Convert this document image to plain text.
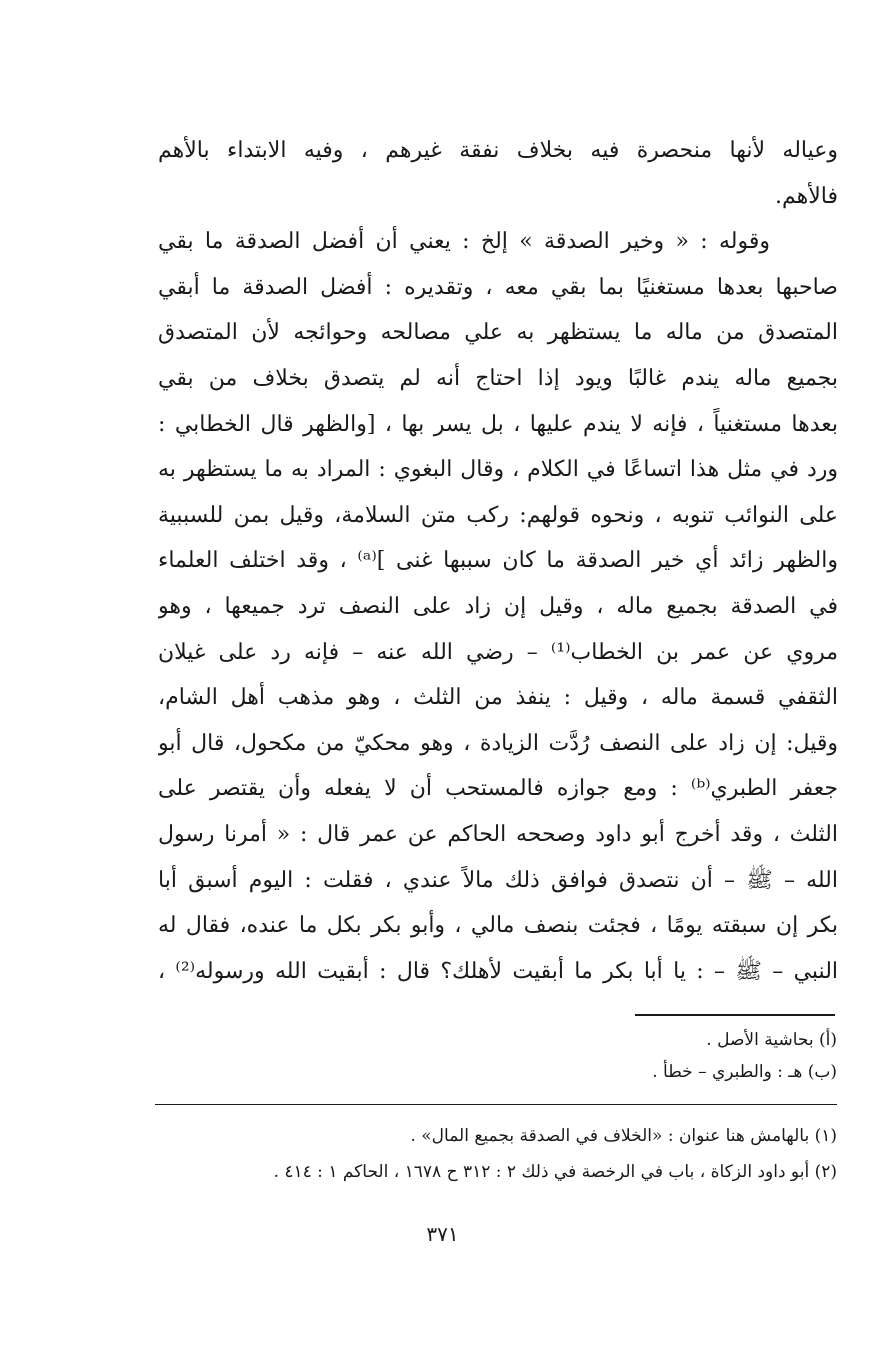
وعياله لأنها منحصرة فيه بخلاف نفقة غيرهم ، وفيه الابتداء بالأهم
فالأهم.
وقوله : « وخير الصدقة » إلخ : يعني أن أفضل الصدقة ما بقي
صاحبها بعدها مستغنيًا بما بقي معه ، وتقديره : أفضل الصدقة ما أبقي
المتصدق من ماله ما يستظهر به علي مصالحه وحوائجه لأن المتصدق
بجميع ماله يندم غالبًا ويود إذا احتاج أنه لم يتصدق بخلاف من بقي
بعدها مستغنياً ، فإنه لا يندم عليها ، بل يسر بها ، [والظهر قال الخطابي :
ورد في مثل هذا اتساعًا في الكلام ، وقال البغوي : المراد به ما يستظهر به
على النوائب تنوبه ، ونحوه قولهم: ركب متن السلامة، وقيل بمن للسببية
والظهر زائد أي خير الصدقة ما كان سببها غنى ]⁽ᵃ⁾ ، وقد اختلف العلماء
في الصدقة بجميع ماله ، وقيل إن زاد على النصف ترد جميعها ، وهو
مروي عن عمر بن الخطاب⁽¹⁾ – رضي الله عنه – فإنه رد على غيلان
الثقفي قسمة ماله ، وقيل : ينفذ من الثلث ، وهو مذهب أهل الشام،
وقيل: إن زاد على النصف رُدَّت الزيادة ، وهو محكيّ من مكحول، قال أبو
جعفر الطبري⁽ᵇ⁾ : ومع جوازه فالمستحب أن لا يفعله وأن يقتصر على
الثلث ، وقد أخرج أبو داود وصححه الحاكم عن عمر قال : « أمرنا رسول
الله – ﷺ – أن نتصدق فوافق ذلك مالاً عندي ، فقلت : اليوم أسبق أبا
بكر إن سبقته يومًا ، فجئت بنصف مالي ، وأبو بكر بكل ما عنده، فقال له
النبي – ﷺ – : يا أبا بكر ما أبقيت لأهلك؟ قال : أبقيت الله ورسوله⁽²⁾ ،
(أ) بحاشية الأصل .
(ب) هـ : والطبري – خطأ .
(١) بالهامش هنا عنوان : «الخلاف في الصدقة بجميع المال» .
(٢) أبو داود الزكاة ، باب في الرخصة في ذلك ٢ : ٣١٢ ح ١٦٧٨ ، الحاكم ١ : ٤١٤ .
٣٧١
